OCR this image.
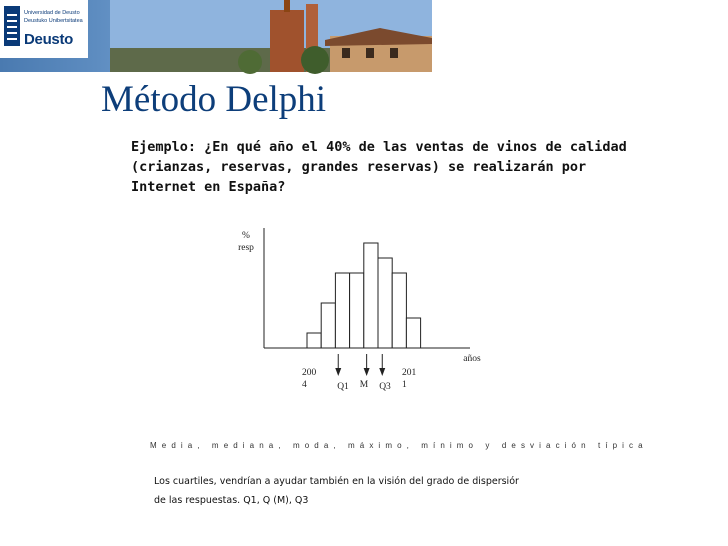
Universidad de Deusto
Deustuko Unibertsitatea
Deusto
Método Delphi
Ejemplo: ¿En qué año el 40% de las ventas de vinos de calidad (crianzas, reservas, grandes reservas) se realizarán por Internet en España?
%
resp
años
200
4
201
1
Q1 M Q3
Media, mediana, moda, máximo, mínimo y desviación típica
Los cuartiles, vendrían a ayudar también en la visión del grado de dispersiór
de las respuestas. Q1, Q (M), Q3
